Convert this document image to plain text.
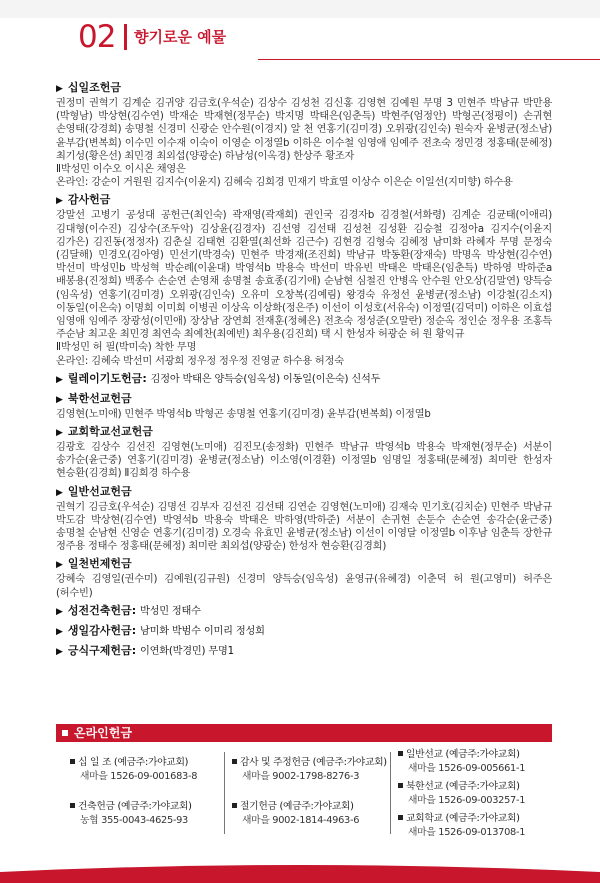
02 향기로운 예물
▶ 십일조헌금

권정미 권혁기 김계순 김귀양 김금호(우석순) 김상수 김성천 김신홍 김영현 김예원 무명 3 민현주 박남규 박만용(박형남) 박상현(김수연) 박재순 박재현(정무순) 박지명 박태은(임춘득) 박현주(엄정안) 박형곤(정평이) 손귀현 손영태(강경희) 송명철 신경미 신광순 안수원(이경지) 알 천 연홍기(김미경) 오위광(김인숙) 원숙자 윤병균(정소남) 윤부갑(변복희) 이수민 이수재 이숙이 이영순 이정열b 이하은 이수철 임영애 임예주 전초숙 정민경 정홍태(문혜정) 최기성(황은선) 최민경 최외섭(양광순) 하남성(이옥경) 한상주 황조자

Ⅱ박성민 이수오 이시온 채영은

온라인: 강순이 거원원 김지수(이윤지) 김혜숙 김희경 민재기 박효열 이상수 이은순 이일선(지미향) 하수용

▶ 감사헌금

강말선 고병기 공성대 공헌근(최인숙) 곽재영(곽재희) 권인국 김경자b 김경철(서화령) 김계순 김균태(이애리) 김대형(이수진) 김상수(조두악) 김상윤(김경자) 김선영 김선태 김성천 김성환 김승철 김정아a 김지수(이윤지 김가은) 김진동(정정자) 김춘실 김태현 김환열(최선화 김근수) 김현경 김형숙 김혜정 남미화 라혜자 무명 문정숙(김달해) 민경오(김아영) 민선기(박경숙) 민현주 박경재(조진희) 박남규 박동환(장재숙) 박명옥 박상현(김수연) 박선미 박성민b 박성혁 박순례(이윤대) 박영석b 박용숙 박선미 박유빈 박태은 박태은(임춘득) 박하영 박하준a 배봉용(진정희) 백종수 손순연 손영채 송명철 송효종(김기애) 순남현 심철진 안병옥 안수원 안오상(김말연) 양득승(임옥성) 연홍기(김미경) 오위광(김인숙) 오유미 오창복(김예림) 왕경숙 유정선 윤병균(정소남) 이강철(김소지) 이동일(이은숙) 이명희 이미희 이병권 이상옥 이상화(정은주) 이선이 이성호(서유숙) 이정열(김덕미) 이하은 이효섭 임영애 임예주 장광성(이민애) 장상남 장연희 전재훈(정혜은) 전초숙 정성준(오말란) 정순옥 정인순 정우용 조홍득 주순남 최고운 최민경 최연숙 최예찬(최예빈) 최우용(김진희) 택 시 한성자 허광순 허 원 황익규

Ⅱ박성민 허 필(박미숙) 착한 무명

온라인: 김혜숙 박선미 서광희 정우정 정우정 진영균 하수용 허정숙

▶ 릴레이기도헌금: 김정아 박태은 양득승(임옥성) 이동일(이은숙) 신석두
▶ 북한선교헌금

김영현(노미애) 민현주 박영석b 박형곤 송명철 연홍기(김미경) 윤부갑(변복희) 이정열b

▶ 교회학교선교헌금

김광호 김상수 김선진 김영현(노미애) 김진모(송정화) 민현주 박남규 박영석b 박용숙 박재현(정무순) 서분이 송가순(윤근중) 연홍기(김미경) 윤병균(정소남) 이소영(이경환) 이정열b 임명일 정홍태(문혜정) 최미란 한성자 현승환(김경희) Ⅱ김희경 하수용

▶ 일반선교헌금

권혁기 김금호(우석순) 김명선 김부자 김선진 김선태 김연순 김영현(노미애) 김재숙 민기호(김치순) 민현주 박남규 박도감 박상현(김수연) 박영석b 박용숙 박태은 박하영(박하준) 서분이 손귀현 손둔수 손순연 송각순(윤근중) 송명철 순남현 신영순 연홍기(김미경) 오경숙 유효민 윤병균(정소남) 이선이 이영달 이정열b 이후남 임춘득 장한규 정주용 정태수 정홍태(문혜정) 최미란 최외섭(양광순) 한성자 현승환(김경희)

▶ 일천번제헌금

강혜숙 김영일(권수미) 김예원(김규원) 신경미 양득승(임옥성) 윤영규(유혜경) 이춘덕 허 원(고영미) 허주은(허수빈)

▶ 성전건축헌금: 박성민 정태수
▶ 생일감사헌금: 남미화 박범수 이미리 정성희
▶ 긍식구제헌금: 이연화(박경민) 무명1
온라인헌금
십 일 조 (예금주:가야교회)
새마을 1526-09-001683-8
건축헌금 (예금주:가야교회)
농협 355-0043-4625-93
감사 및 주정헌금 (예금주:가야교회)
새마을 9002-1798-8276-3
절기헌금 (예금주:가야교회)
새마을 9002-1814-4963-6
일반선교 (예금주:가야교회)
새마을 1526-09-005661-1
북한선교 (예금주:가야교회)
새마을 1526-09-003257-1
교회학교 (예금주:가야교회)
새마을 1526-09-013708-1
